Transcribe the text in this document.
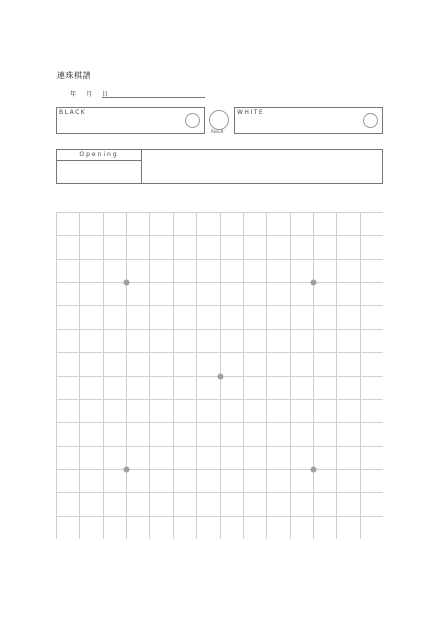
連珠棋譜
年 月 日
BLACK
Result
WHITE
Opening
